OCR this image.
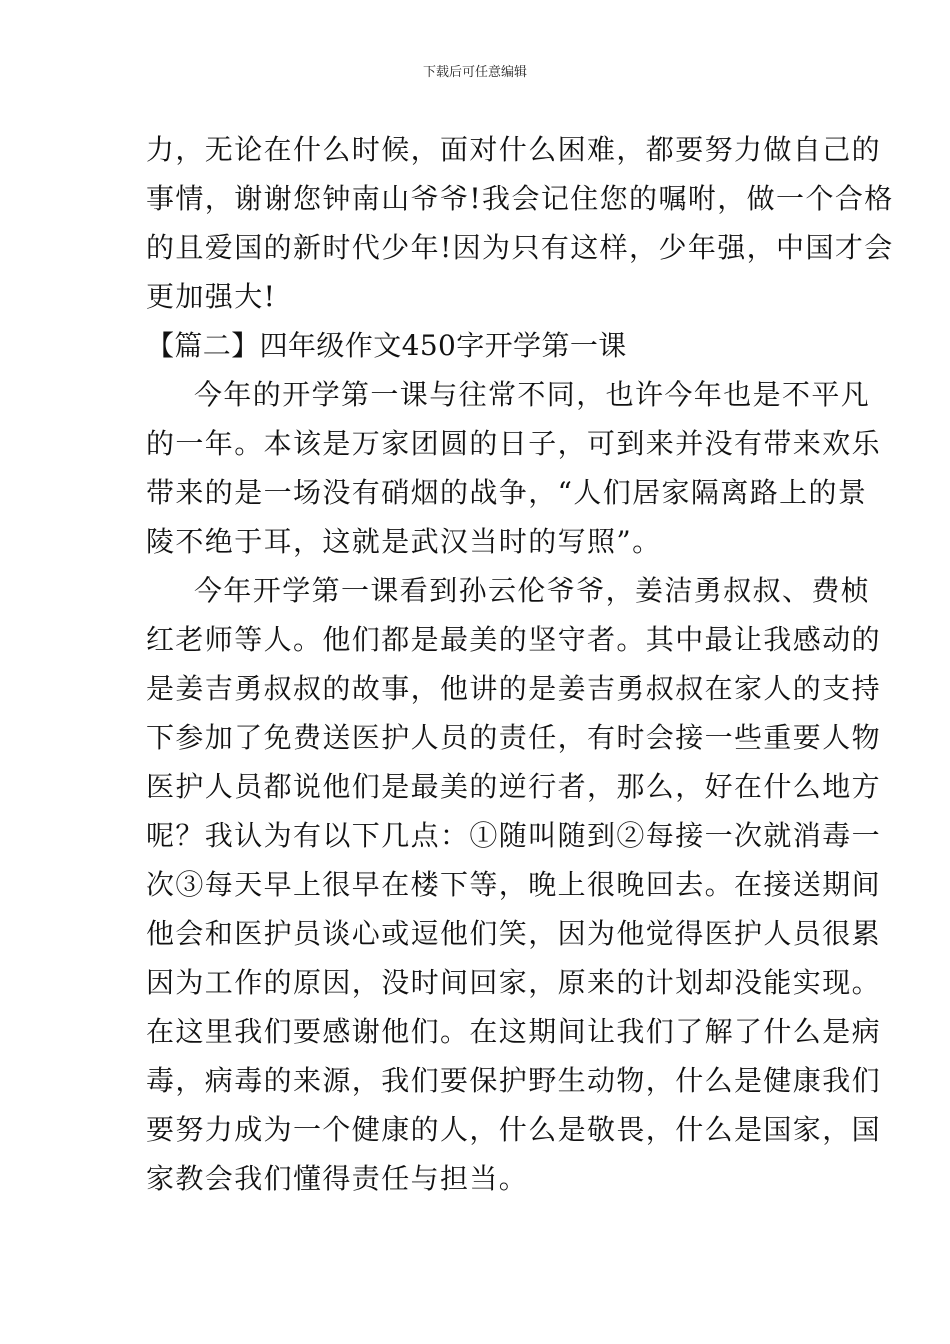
下载后可任意编辑
力，无论在什么时候，面对什么困难，都要努力做自己的
事情，谢谢您钟南山爷爷!我会记住您的嘱咐，做一个合格
的且爱国的新时代少年!因为只有这样，少年强，中国才会
更加强大!
【篇二】四年级作文450字开学第一课
今年的开学第一课与往常不同，也许今年也是不平凡
的一年。本该是万家团圆的日子，可到来并没有带来欢乐
带来的是一场没有硝烟的战争，“人们居家隔离路上的景
陵不绝于耳，这就是武汉当时的写照”。
今年开学第一课看到孙云伦爷爷，姜洁勇叔叔、费桢
红老师等人。他们都是最美的坚守者。其中最让我感动的
是姜吉勇叔叔的故事，他讲的是姜吉勇叔叔在家人的支持
下参加了免费送医护人员的责任，有时会接一些重要人物
医护人员都说他们是最美的逆行者，那么，好在什么地方
呢？我认为有以下几点：①随叫随到②每接一次就消毒一
次③每天早上很早在楼下等，晚上很晚回去。在接送期间
他会和医护员谈心或逗他们笑，因为他觉得医护人员很累
因为工作的原因，没时间回家，原来的计划却没能实现。
在这里我们要感谢他们。在这期间让我们了解了什么是病
毒，病毒的来源，我们要保护野生动物，什么是健康我们
要努力成为一个健康的人，什么是敬畏，什么是国家，国
家教会我们懂得责任与担当。
